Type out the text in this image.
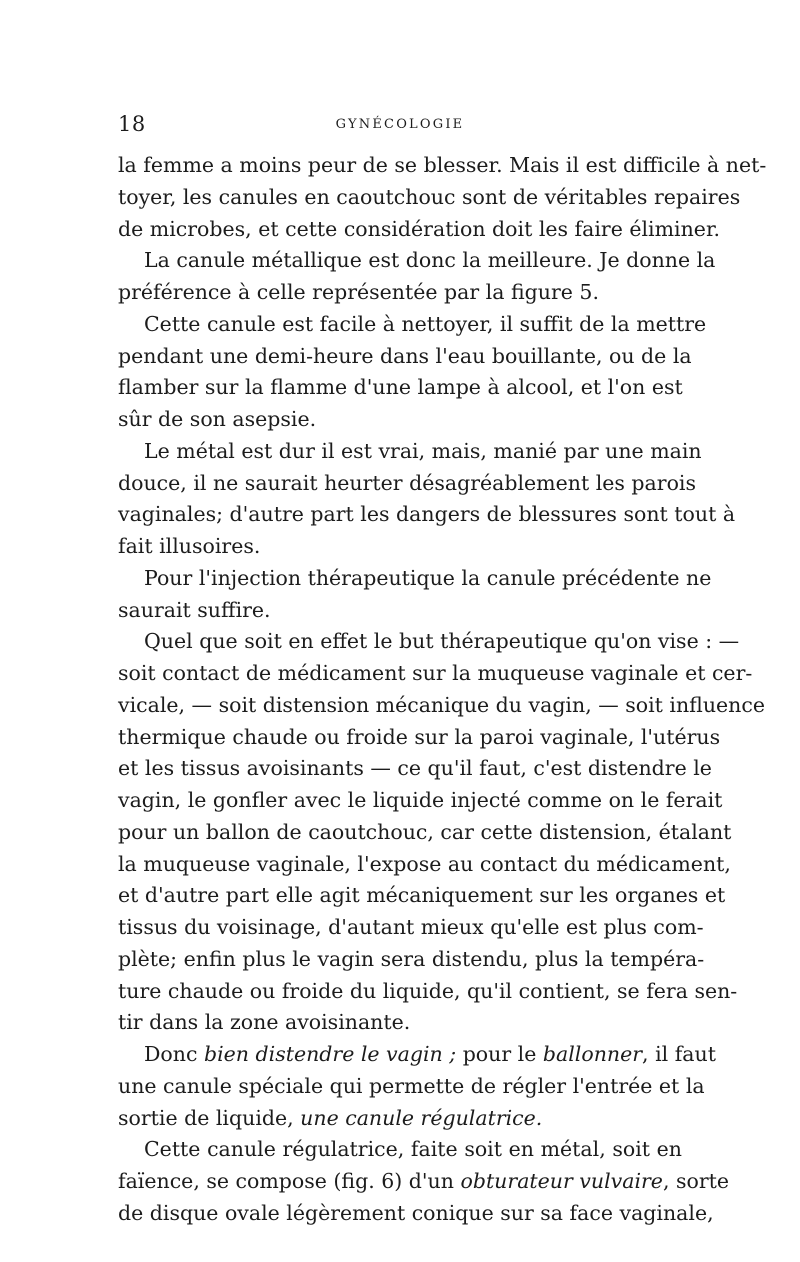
18	GYNÉCOLOGIE
la femme a moins peur de se blesser. Mais il est difficile à net-
toyer, les canules en caoutchouc sont de véritables repaires
de microbes, et cette considération doit les faire éliminer.
La canule métallique est donc la meilleure. Je donne la
préférence à celle représentée par la figure 5.
Cette canule est facile à nettoyer, il suffit de la mettre
pendant une demi-heure dans l'eau bouillante, ou de la
flamber sur la flamme d'une lampe à alcool, et l'on est
sûr de son asepsie.
Le métal est dur il est vrai, mais, manié par une main
douce, il ne saurait heurter désagréablement les parois
vaginales; d'autre part les dangers de blessures sont tout à
fait illusoires.
Pour l'injection thérapeutique la canule précédente ne
saurait suffire.
Quel que soit en effet le but thérapeutique qu'on vise : —
soit contact de médicament sur la muqueuse vaginale et cer-
vicale, — soit distension mécanique du vagin, — soit influence
thermique chaude ou froide sur la paroi vaginale, l'utérus
et les tissus avoisinants — ce qu'il faut, c'est distendre le
vagin, le gonfler avec le liquide injecté comme on le ferait
pour un ballon de caoutchouc, car cette distension, étalant
la muqueuse vaginale, l'expose au contact du médicament,
et d'autre part elle agit mécaniquement sur les organes et
tissus du voisinage, d'autant mieux qu'elle est plus com-
plète; enfin plus le vagin sera distendu, plus la tempéra-
ture chaude ou froide du liquide, qu'il contient, se fera sen-
tir dans la zone avoisinante.
Donc bien distendre le vagin ; pour le ballonner, il faut
une canule spéciale qui permette de régler l'entrée et la
sortie de liquide, une canule régulatrice.
Cette canule régulatrice, faite soit en métal, soit en
faïence, se compose (fig. 6) d'un obturateur vulvaire, sorte
de disque ovale légèrement conique sur sa face vaginale,
